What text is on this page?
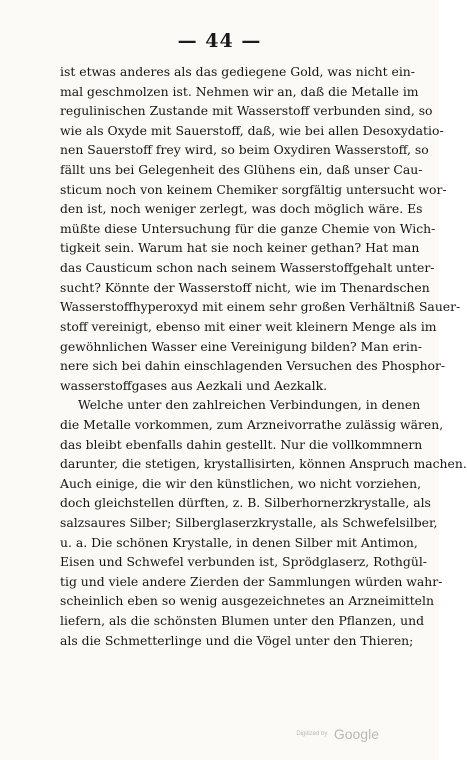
— 44 —
ist etwas anderes als das gediegene Gold, was nicht ein-
mal geschmolzen ist. Nehmen wir an, daß die Metalle im
regulinischen Zustande mit Wasserstoff verbunden sind, so
wie als Oxyde mit Sauerstoff, daß, wie bei allen Desoxydatio-
nen Sauerstoff frey wird, so beim Oxydiren Wasserstoff, so
fällt uns bei Gelegenheit des Glühens ein, daß unser Cau-
sticum noch von keinem Chemiker sorgfältig untersucht wor-
den ist, noch weniger zerlegt, was doch möglich wäre. Es
müßte diese Untersuchung für die ganze Chemie von Wich-
tigkeit sein. Warum hat sie noch keiner gethan? Hat man
das Causticum schon nach seinem Wasserstoffgehalt unter-
sucht? Könnte der Wasserstoff nicht, wie im Thenardschen
Wasserstoffhyperoxyd mit einem sehr großen Verhältniß Sauer-
stoff vereinigt, ebenso mit einer weit kleinern Menge als im
gewöhnlichen Wasser eine Vereinigung bilden? Man erin-
nere sich bei dahin einschlagenden Versuchen des Phosphor-
wasserstoffgases aus Aezkali und Aezkalk.
Welche unter den zahlreichen Verbindungen, in denen
die Metalle vorkommen, zum Arzneivorrathe zulässig wären,
das bleibt ebenfalls dahin gestellt. Nur die vollkommnern
darunter, die stetigen, krystallisirten, können Anspruch machen.
Auch einige, die wir den künstlichen, wo nicht vorziehen,
doch gleichstellen dürften, z. B. Silberhornerzkrystalle, als
salzsaures Silber; Silberglaserzkrystalle, als Schwefelsilber,
u. a. Die schönen Krystalle, in denen Silber mit Antimon,
Eisen und Schwefel verbunden ist, Sprödglaserz, Rothgül-
tig und viele andere Zierden der Sammlungen würden wahr-
scheinlich eben so wenig ausgezeichnetes an Arzneimitteln
liefern, als die schönsten Blumen unter den Pflanzen, und
als die Schmetterlinge und die Vögel unter den Thieren;
Digitized by Google
